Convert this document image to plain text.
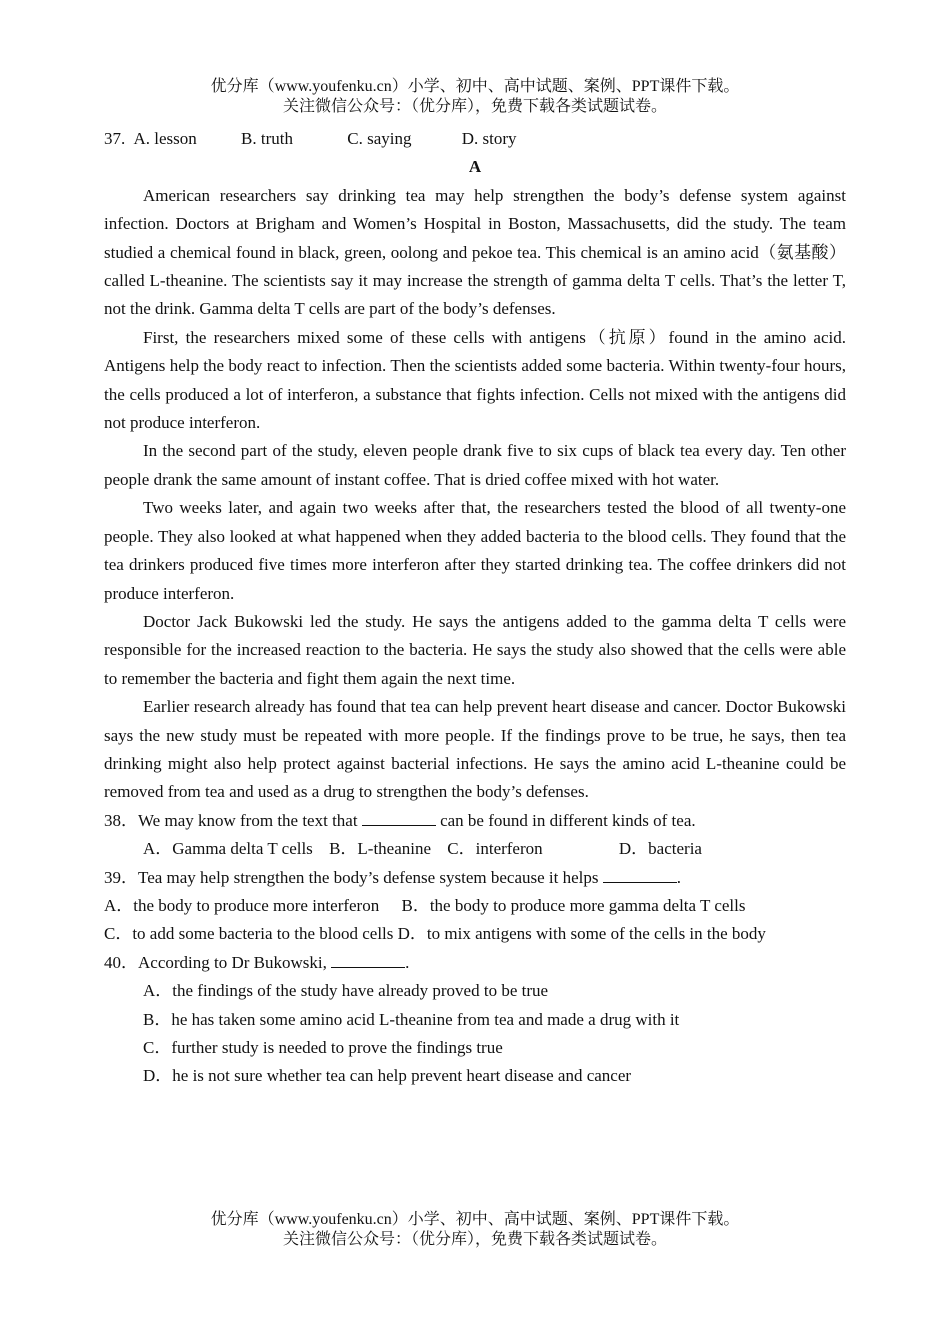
优分库（www.youfenku.cn）小学、初中、高中试题、案例、PPT课件下载。
关注微信公众号：（优分库），免费下载各类试题试卷。
37. A. lesson	B. truth	C. saying	D. story
A

American researchers say drinking tea may help strengthen the body’s defense system against infection. Doctors at Brigham and Women’s Hospital in Boston, Massachusetts, did the study. The team studied a chemical found in black, green, oolong and pekoe tea. This chemical is an amino acid（氨基酸）called L-theanine. The scientists say it may increase the strength of gamma delta T cells. That’s the letter T, not the drink. Gamma delta T cells are part of the body’s defenses.

First, the researchers mixed some of these cells with antigens（抗原）found in the amino acid. Antigens help the body react to infection. Then the scientists added some bacteria. Within twenty-four hours, the cells produced a lot of interferon, a substance that fights infection. Cells not mixed with the antigens did not produce interferon.

In the second part of the study, eleven people drank five to six cups of black tea every day. Ten other people drank the same amount of instant coffee. That is dried coffee mixed with hot water.

Two weeks later, and again two weeks after that, the researchers tested the blood of all twenty-one people. They also looked at what happened when they added bacteria to the blood cells. They found that the tea drinkers produced five times more interferon after they started drinking tea. The coffee drinkers did not produce interferon.

Doctor Jack Bukowski led the study. He says the antigens added to the gamma delta T cells were responsible for the increased reaction to the bacteria. He says the study also showed that the cells were able to remember the bacteria and fight them again the next time.

Earlier research already has found that tea can help prevent heart disease and cancer. Doctor Bukowski says the new study must be repeated with more people. If the findings prove to be true, he says, then tea drinking might also help protect against bacterial infections. He says the amino acid L-theanine could be removed from tea and used as a drug to strengthen the body’s defenses.

38．We may know from the text that	can be found in different kinds of tea.
A．Gamma delta T cells B．L-theanine C．interferon	D．bacteria
39．Tea may help strengthen the body’s defense system because it helps	.
A．the body to produce more interferon B．the body to produce more gamma delta T cells

C．to add some bacteria to the blood cells D．to mix antigens with some of the cells in the body

40．According to Dr Bukowski,	.
A．the findings of the study have already proved to be true
B．he has taken some amino acid L-theanine from tea and made a drug with it
C．further study is needed to prove the findings true
D．he is not sure whether tea can help prevent heart disease and cancer
优分库（www.youfenku.cn）小学、初中、高中试题、案例、PPT课件下载。
关注微信公众号：（优分库），免费下载各类试题试卷。
